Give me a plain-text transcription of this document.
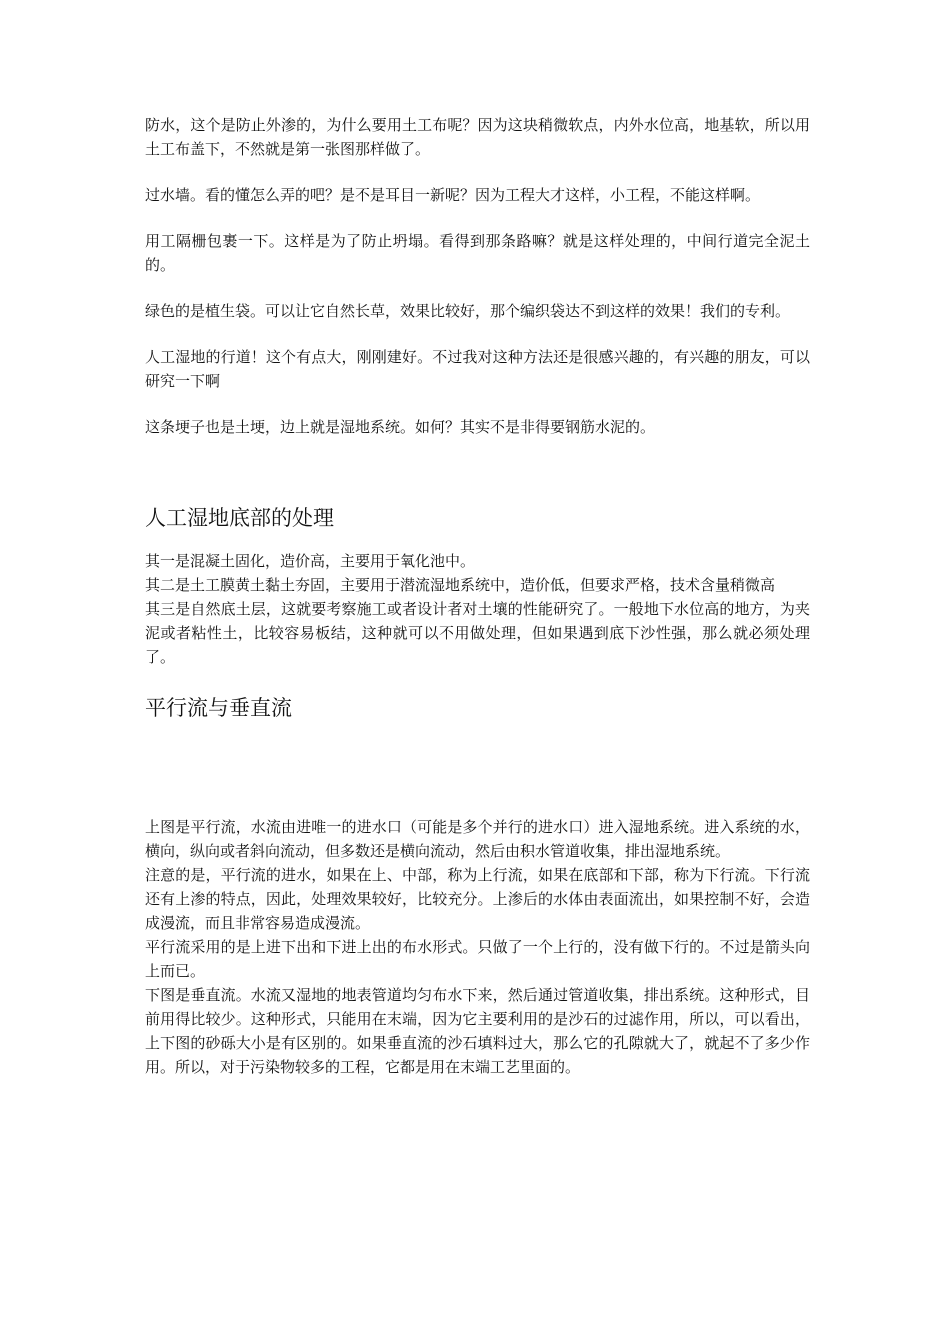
防水，这个是防止外渗的，为什么要用土工布呢？因为这块稍微软点，内外水位高，地基软，所以用土工布盖下，不然就是第一张图那样做了。

过水墙。看的懂怎么弄的吧？是不是耳目一新呢？因为工程大才这样，小工程，不能这样啊。

用工隔栅包裹一下。这样是为了防止坍塌。看得到那条路嘛？就是这样处理的，中间行道完全泥土的。

绿色的是植生袋。可以让它自然长草，效果比较好，那个编织袋达不到这样的效果！我们的专利。

人工湿地的行道！这个有点大，刚刚建好。不过我对这种方法还是很感兴趣的，有兴趣的朋友，可以研究一下啊

这条埂子也是土埂，边上就是湿地系统。如何？其实不是非得要钢筋水泥的。

人工湿地底部的处理

其一是混凝土固化，造价高，主要用于氧化池中。

其二是土工膜黄土黏土夯固，主要用于潜流湿地系统中，造价低，但要求严格，技术含量稍微高

其三是自然底土层，这就要考察施工或者设计者对土壤的性能研究了。一般地下水位高的地方，为夹泥或者粘性土，比较容易板结，这种就可以不用做处理，但如果遇到底下沙性强，那么就必须处理了。

平行流与垂直流

上图是平行流，水流由进唯一的进水口（可能是多个并行的进水口）进入湿地系统。进入系统的水，横向，纵向或者斜向流动，但多数还是横向流动，然后由积水管道收集，排出湿地系统。

注意的是，平行流的进水，如果在上、中部，称为上行流，如果在底部和下部，称为下行流。下行流还有上渗的特点，因此，处理效果较好，比较充分。上渗后的水体由表面流出，如果控制不好，会造成漫流，而且非常容易造成漫流。

平行流采用的是上进下出和下进上出的布水形式。只做了一个上行的，没有做下行的。不过是箭头向上而已。

下图是垂直流。水流又湿地的地表管道均匀布水下来，然后通过管道收集，排出系统。这种形式，目前用得比较少。这种形式，只能用在末端，因为它主要利用的是沙石的过滤作用，所以，可以看出，上下图的砂砾大小是有区别的。如果垂直流的沙石填料过大，那么它的孔隙就大了，就起不了多少作用。所以，对于污染物较多的工程，它都是用在末端工艺里面的。
